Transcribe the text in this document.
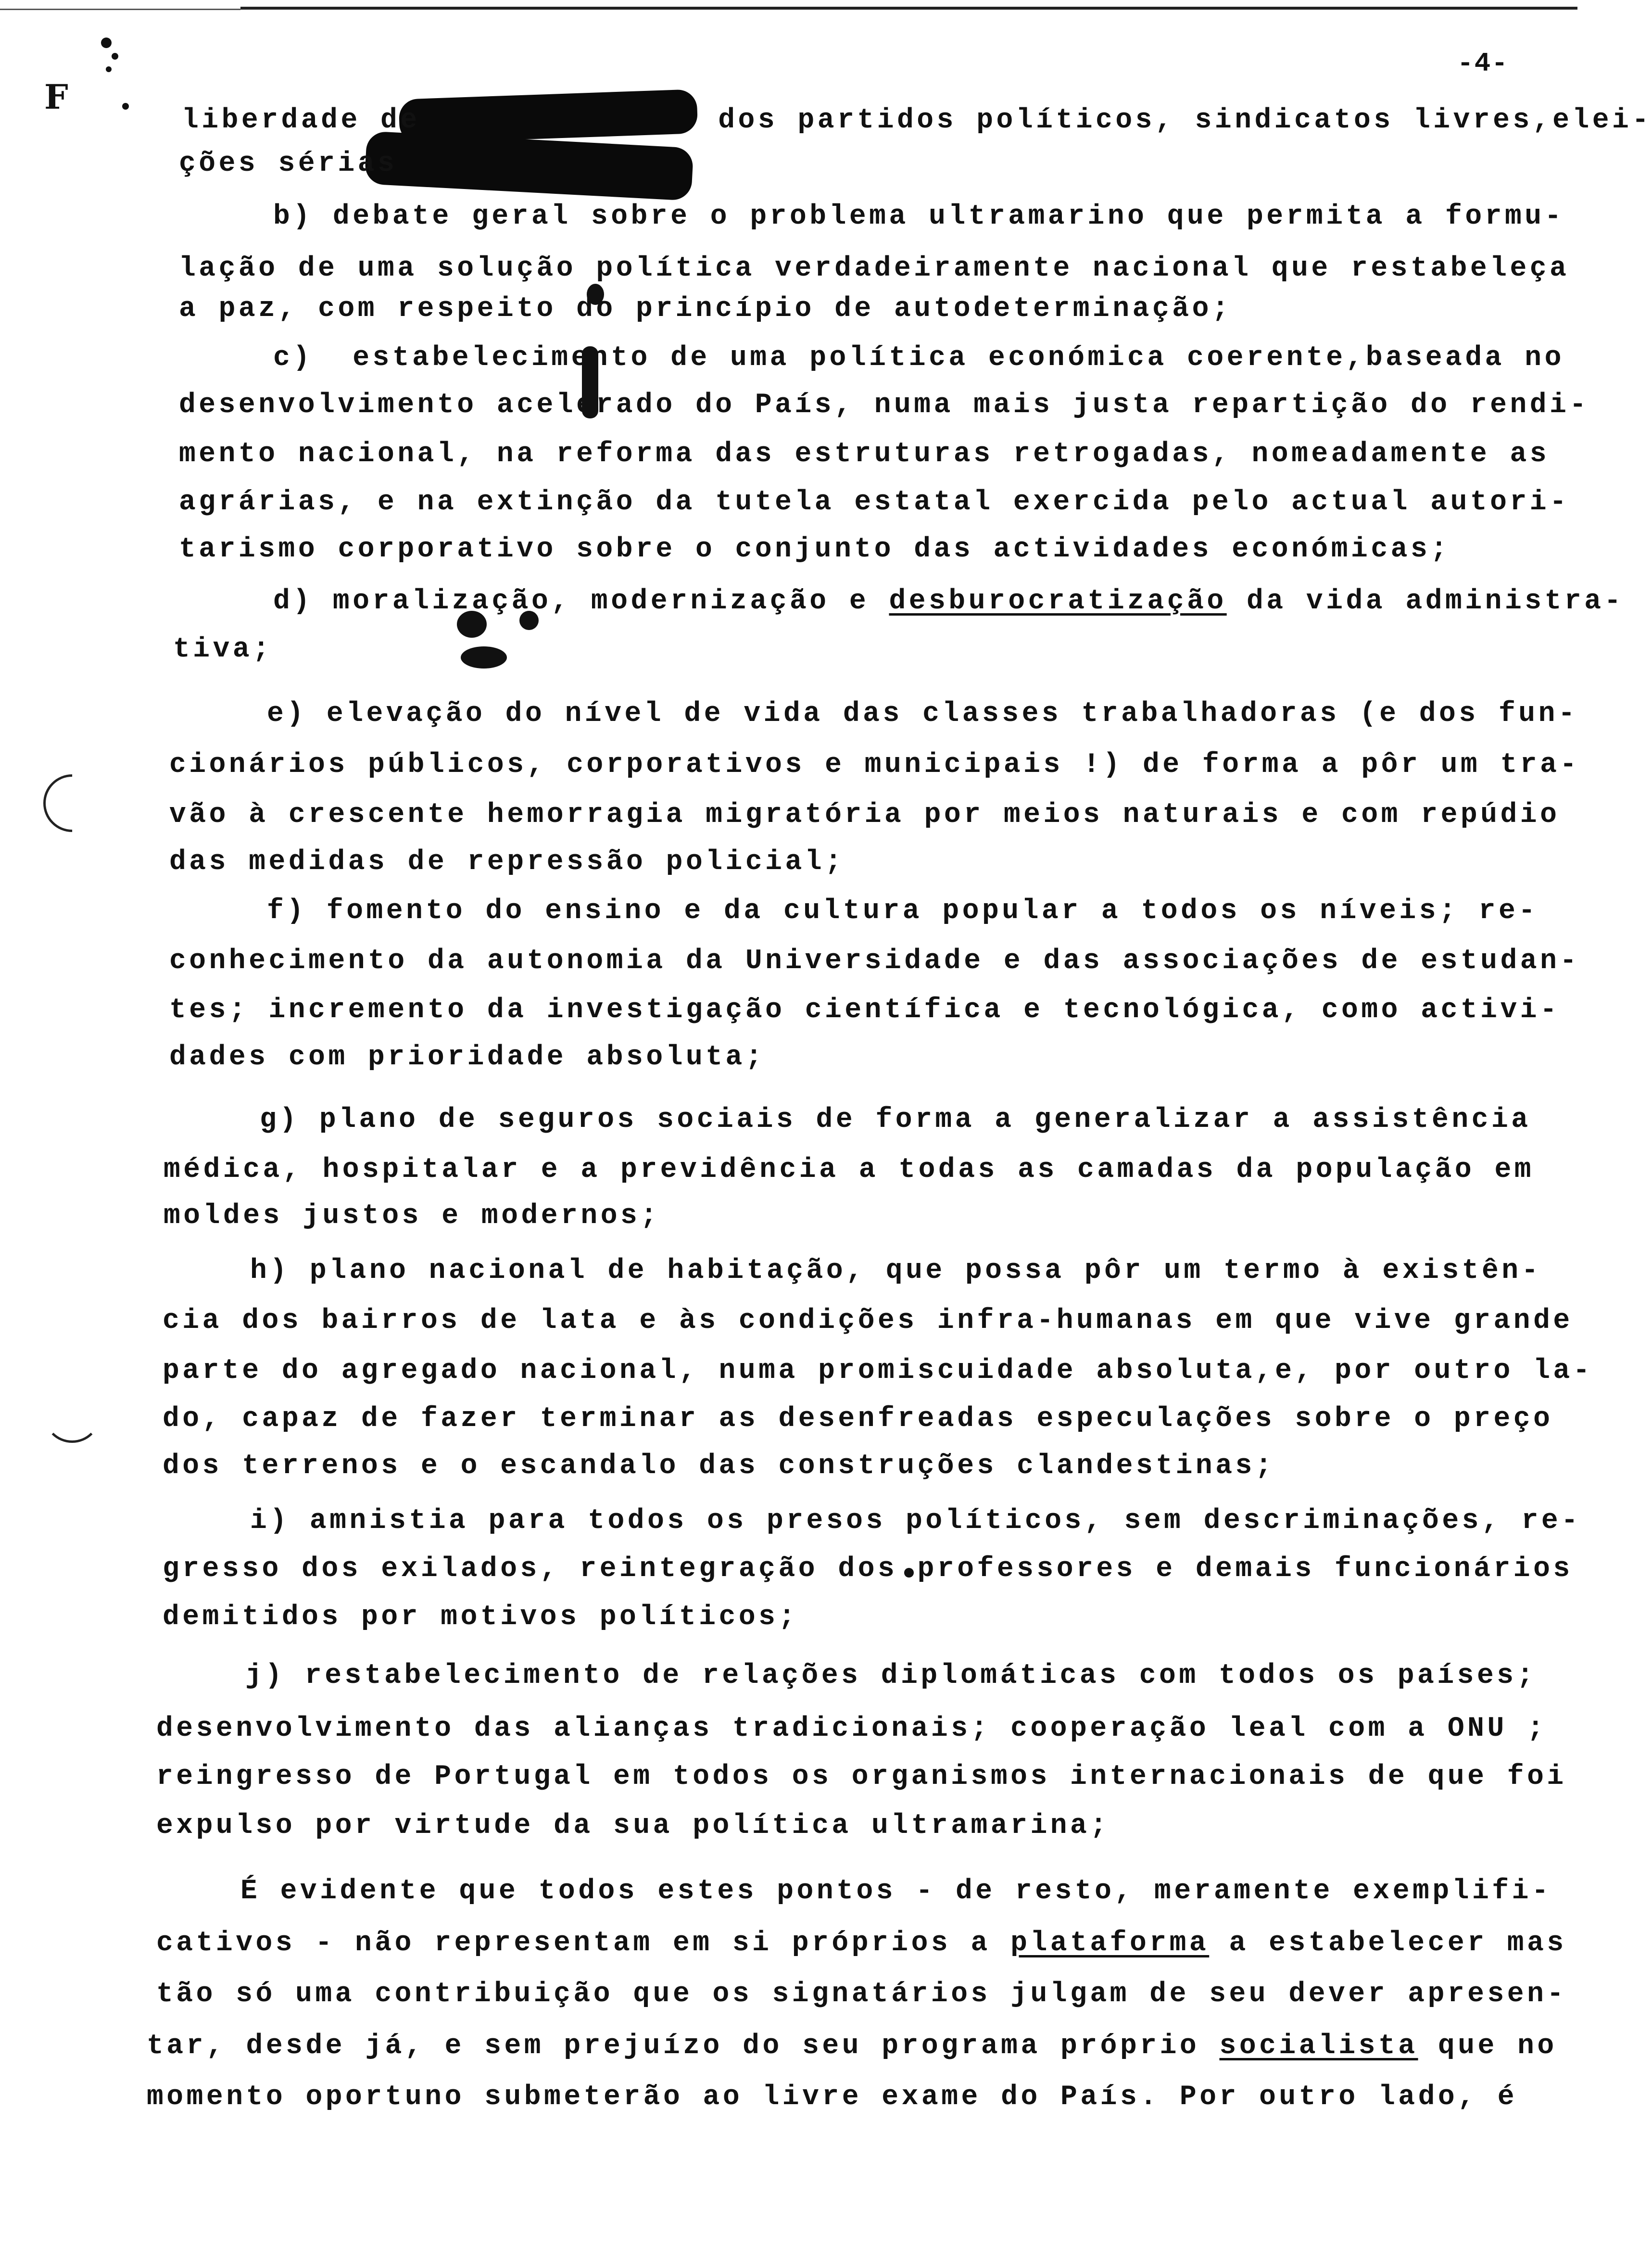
F
-4-
liberdade de               dos partidos políticos, sindicatos livres,elei-
ções sérias
b) debate geral sobre o problema ultramarino que permita a formu-
lação de uma solução política verdadeiramente nacional que restabeleça
a paz, com respeito do princípio de autodeterminação;
c)  estabelecimento de uma política económica coerente,baseada no
desenvolvimento acelerado do País, numa mais justa repartição do rendi-
mento nacional, na reforma das estruturas retrogadas, nomeadamente as
agrárias, e na extinção da tutela estatal exercida pelo actual autori-
tarismo corporativo sobre o conjunto das actividades económicas;
d) moralização, modernização e desburocratização da vida administra-
tiva;
e) elevação do nível de vida das classes trabalhadoras (e dos fun-
cionários públicos, corporativos e municipais !) de forma a pôr um tra-
vão à crescente hemorragia migratória por meios naturais e com repúdio
das medidas de repressão policial;
f) fomento do ensino e da cultura popular a todos os níveis; re-
conhecimento da autonomia da Universidade e das associações de estudan-
tes; incremento da investigação científica e tecnológica, como activi-
dades com prioridade absoluta;
g) plano de seguros sociais de forma a generalizar a assistência
médica, hospitalar e a previdência a todas as camadas da população em
moldes justos e modernos;
h) plano nacional de habitação, que possa pôr um termo à existên-
cia dos bairros de lata e às condições infra-humanas em que vive grande
parte do agregado nacional, numa promiscuidade absoluta,e, por outro la-
do, capaz de fazer terminar as desenfreadas especulações sobre o preço
dos terrenos e o escandalo das construções clandestinas;
i) amnistia para todos os presos políticos, sem descriminações, re-
gresso dos exilados, reintegração dos professores e demais funcionários
demitidos por motivos políticos;
j) restabelecimento de relações diplomáticas com todos os países;
desenvolvimento das alianças tradicionais; cooperação leal com a ONU ;
reingresso de Portugal em todos os organismos internacionais de que foi
expulso por virtude da sua política ultramarina;
É evidente que todos estes pontos - de resto, meramente exemplifi-
cativos - não representam em si próprios a plataforma a estabelecer mas
tão só uma contribuição que os signatários julgam de seu dever apresen-
tar, desde já, e sem prejuízo do seu programa próprio socialista que no
momento oportuno submeterão ao livre exame do País. Por outro lado, é
